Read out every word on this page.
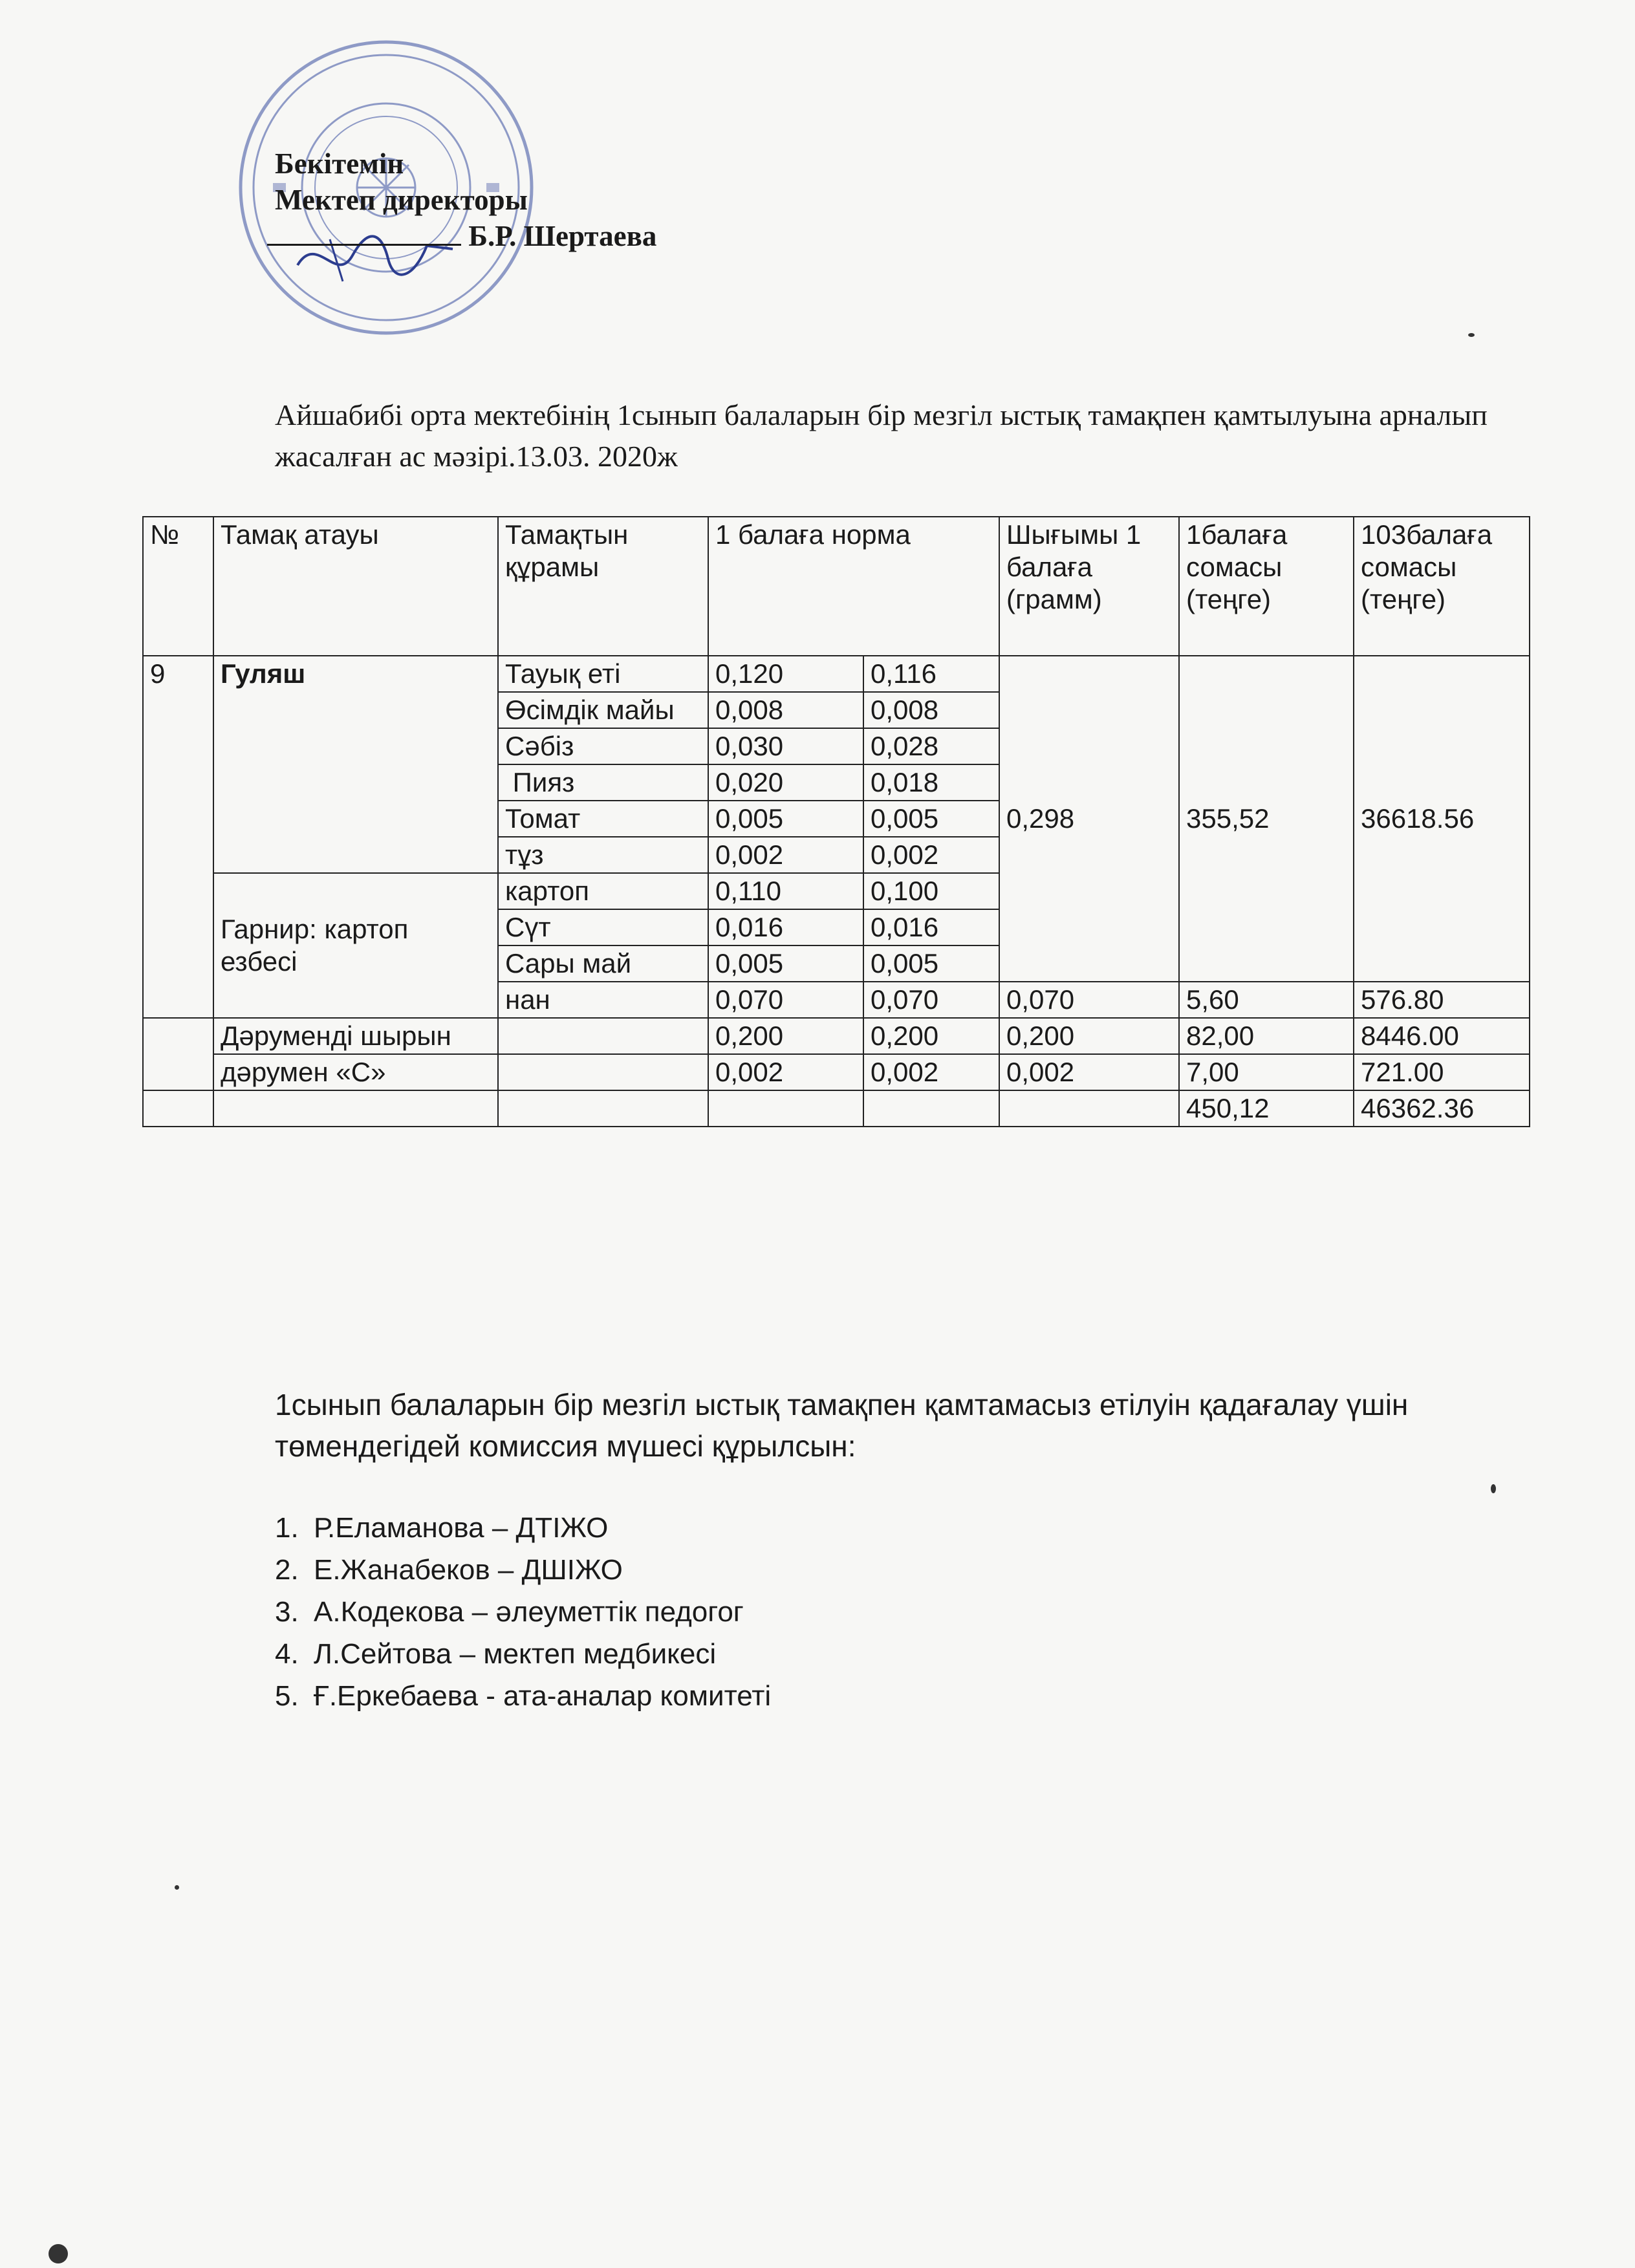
Бекітемін
Мектеп директоры
Б.Р. Шертаева
Айшабибі орта мектебінің 1сынып балаларын бір мезгіл ыстық тамақпен қамтылуына арналып жасалған ас мәзірі.13.03. 2020ж
№	Тамақ атауы	Тамақтын құрамы	1 балаға норма		Шығымы 1 балаға (грамм)	1балаға сомасы (теңге)	103балаға сомасы (теңге)
9	Гуляш	Тауық еті	0,120	0,116	0,298	355,52	36618.56
		Өсімдік майы	0,008	0,008			
		Сәбіз	0,030	0,028			
		Пияз	0,020	0,018			
		Томат	0,005	0,005			
		тұз	0,002	0,002			
	Гарнир: картоп езбесі	картоп	0,110	0,100			
		Сүт	0,016	0,016			
		Сары май	0,005	0,005			
		нан	0,070	0,070	0,070	5,60	576.80
	Дәруменді шырын		0,200	0,200	0,200	82,00	8446.00
	дәрумен «С»		0,002	0,002	0,002	7,00	721.00
						450,12	46362.36
1сынып балаларын бір мезгіл ыстық тамақпен қамтамасыз етілуін қадағалау үшін төмендегідей комиссия мүшесі құрылсын:
1. Р.Еламанова – ДТІЖО
2. Е.Жанабеков – ДШІЖО
3. А.Кодекова – әлеуметтік педогог
4. Л.Сейтова – мектеп медбикесі
5. Ғ.Еркебаева - ата-аналар комитеті
